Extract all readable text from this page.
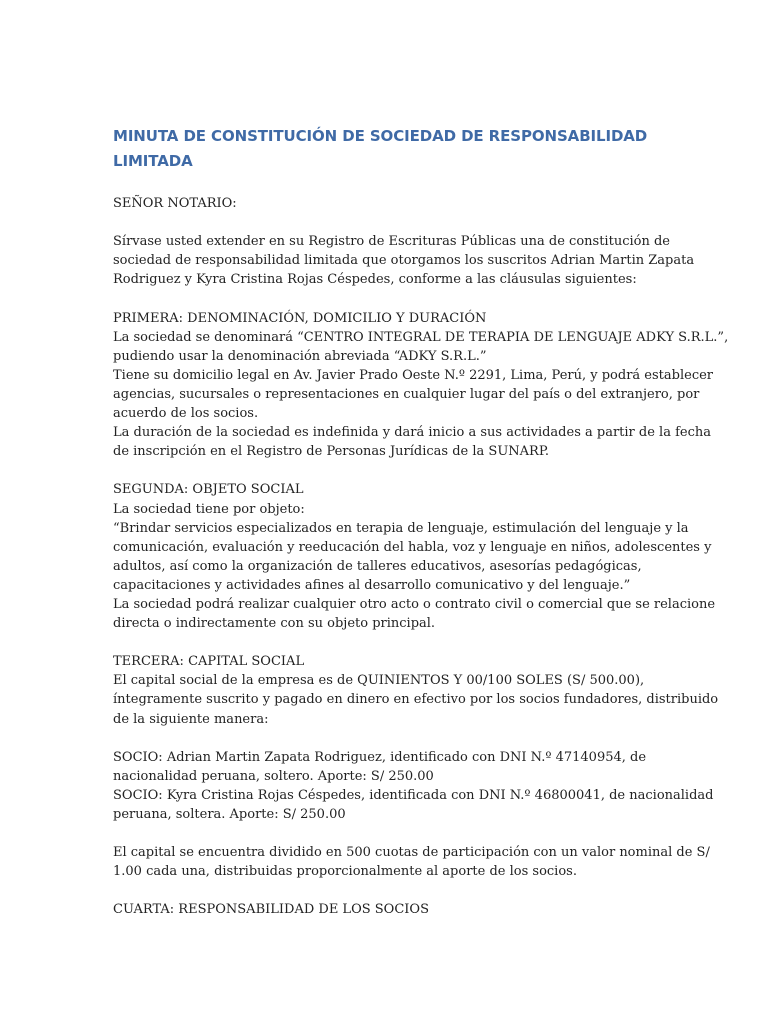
MINUTA DE CONSTITUCIÓN DE SOCIEDAD DE RESPONSABILIDAD
LIMITADA

SEÑOR NOTARIO:

Sírvase usted extender en su Registro de Escrituras Públicas una de constitución de
sociedad de responsabilidad limitada que otorgamos los suscritos Adrian Martin Zapata
Rodriguez y Kyra Cristina Rojas Céspedes, conforme a las cláusulas siguientes:

PRIMERA: DENOMINACIÓN, DOMICILIO Y DURACIÓN
La sociedad se denominará “CENTRO INTEGRAL DE TERAPIA DE LENGUAJE ADKY S.R.L.”,
pudiendo usar la denominación abreviada “ADKY S.R.L.”
Tiene su domicilio legal en Av. Javier Prado Oeste N.º 2291, Lima, Perú, y podrá establecer
agencias, sucursales o representaciones en cualquier lugar del país o del extranjero, por
acuerdo de los socios.
La duración de la sociedad es indefinida y dará inicio a sus actividades a partir de la fecha
de inscripción en el Registro de Personas Jurídicas de la SUNARP.

SEGUNDA: OBJETO SOCIAL
La sociedad tiene por objeto:
“Brindar servicios especializados en terapia de lenguaje, estimulación del lenguaje y la
comunicación, evaluación y reeducación del habla, voz y lenguaje en niños, adolescentes y
adultos, así como la organización de talleres educativos, asesorías pedagógicas,
capacitaciones y actividades afines al desarrollo comunicativo y del lenguaje.”
La sociedad podrá realizar cualquier otro acto o contrato civil o comercial que se relacione
directa o indirectamente con su objeto principal.

TERCERA: CAPITAL SOCIAL
El capital social de la empresa es de QUINIENTOS Y 00/100 SOLES (S/ 500.00),
íntegramente suscrito y pagado en dinero en efectivo por los socios fundadores, distribuido
de la siguiente manera:

SOCIO: Adrian Martin Zapata Rodriguez, identificado con DNI N.º 47140954, de
nacionalidad peruana, soltero. Aporte: S/ 250.00
SOCIO: Kyra Cristina Rojas Céspedes, identificada con DNI N.º 46800041, de nacionalidad
peruana, soltera. Aporte: S/ 250.00

El capital se encuentra dividido en 500 cuotas de participación con un valor nominal de S/
1.00 cada una, distribuidas proporcionalmente al aporte de los socios.

CUARTA: RESPONSABILIDAD DE LOS SOCIOS
